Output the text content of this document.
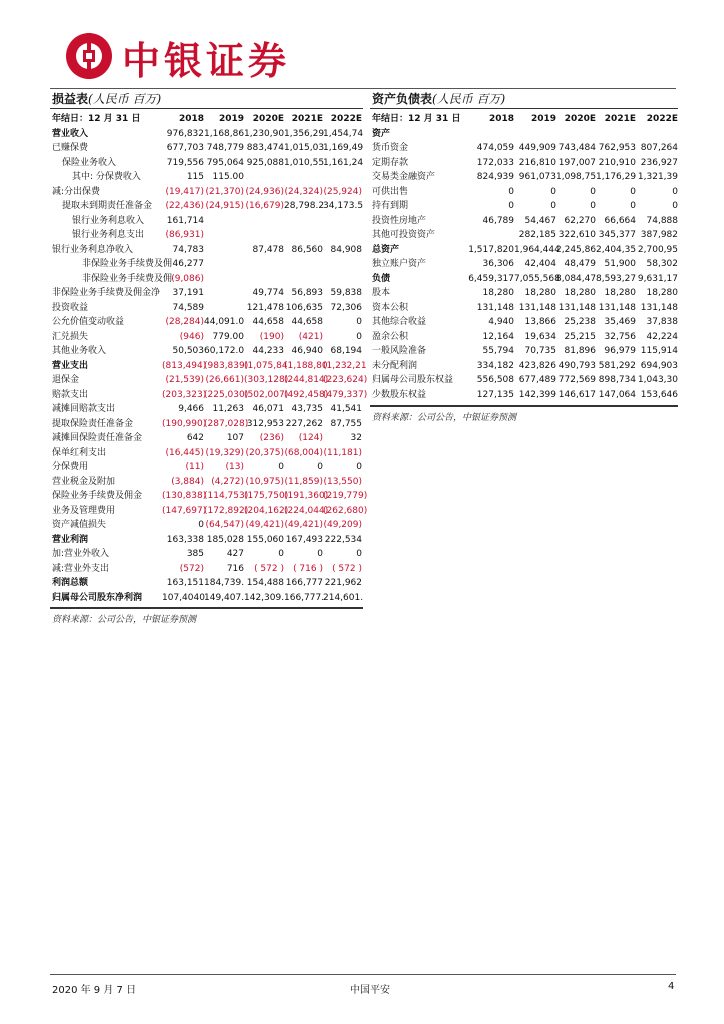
中银证券
损益表(人民币 百万)
年结日：12 月 31 日	2018	2019	2020E	2021E	2022E
营业收入	976,832	1,168,86	1,230,90	1,356,29	1,454,74
已赚保费	677,703	748,779	883,474	1,015,03	1,169,49
保险业务收入	719,556	795,064	925,088	1,010,55	1,161,24
其中: 分保费收入	115	115.00			
减:分出保费	(19,417)	(21,370)	(24,936)	(24,324)	(25,924)
提取未到期责任准备金	(22,436)	(24,915)	(16,679)	28,798.2	34,173.5
银行业务利息收入	161,714				
银行业务利息支出	(86,931)				
银行业务利息净收入	74,783		87,478	86,560	84,908
非保险业务手续费及佣	46,277				
非保险业务手续费及佣	(9,086)				
非保险业务手续费及佣金净	37,191		49,774	56,893	59,838
投资收益	74,589		121,478	106,635	72,306
公允价值变动收益	(28,284)	44,091.0	44,658	44,658	0
汇兑损失	(946)	779.00	(190)	(421)	0
其他业务收入	50,503	60,172.0	44,233	46,940	68,194
营业支出	(813,494)	(983,839)	(1,075,84	(1,188,80	(1,232,21
退保金	(21,539)	(26,661)	(303,128)	(244,814)	(223,624)
赔款支出	(203,323)	(225,030)	(502,007)	(492,458)	(479,337)
减摊回赔款支出	9,466	11,263	46,071	43,735	41,541
提取保险责任准备金	(190,990)	(287,028)	312,953	227,262	87,755
减摊回保险责任准备金	642	107	(236)	(124)	32
保单红利支出	(16,445)	(19,329)	(20,375)	(68,004)	(11,181)
分保费用	(11)	(13)	0	0	0
营业税金及附加	(3,884)	(4,272)	(10,975)	(11,859)	(13,550)
保险业务手续费及佣金	(130,838)	(114,753)	(175,750)	(191,360)	(219,779)
业务及管理费用	(147,697)	(172,892)	(204,162)	(224,044)	(262,680)
资产减值损失	0	(64,547)	(49,421)	(49,421)	(49,209)
营业利润	163,338	185,028	155,060	167,493	222,534
加:营业外收入	385	427	0	0	0
减:营业外支出	(572)	716	( 572 )	( 716 )	( 572 )
利润总额	163,151	184,739.	154,488	166,777	221,962
归属母公司股东净利润	107,4040	149,407.	142,309.	166,777.	214,601.
资料来源：公司公告，中银证券预测
资产负债表(人民币 百万)
年结日：12 月 31 日	2018	2019	2020E	2021E	2022E
资产					
货币资金	474,059	449,909	743,484	762,953	807,264
定期存款	172,033	216,810	197,007	210,910	236,927
交易类金融资产	824,939	961,073	1,098,75	1,176,29	1,321,39
可供出售	0	0	0	0	0
持有到期	0	0	0	0	0
投资性房地产	46,789	54,467	62,270	66,664	74,888
其他可投资资产		282,185	322,610	345,377	387,982
总资产	1,517,820	1,964,444	2,245,86	2,404,35	2,700,95
独立账户资产	36,306	42,404	48,479	51,900	58,302
负债	6,459,317	7,055,568	8,084,47	8,593,27	9,631,17
股本	18,280	18,280	18,280	18,280	18,280
资本公积	131,148	131,148	131,148	131,148	131,148
其他综合收益	4,940	13,866	25,238	35,469	37,838
盈余公积	12,164	19,634	25,215	32,756	42,224
一般风险准备	55,794	70,735	81,896	96,979	115,914
未分配利润	334,182	423,826	490,793	581,292	694,903
归属母公司股东权益	556,508	677,489	772,569	898,734	1,043,30
少数股东权益	127,135	142,399	146,617	147,064	153,646
资料来源：公司公告，中银证券预测
2020 年 9 月 7 日	中国平安	4
